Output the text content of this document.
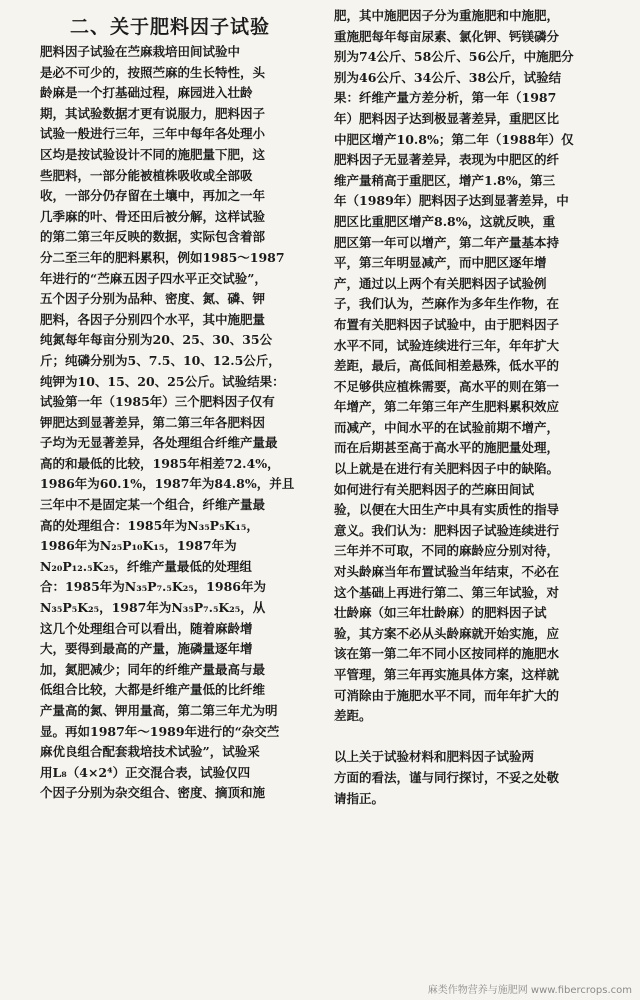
二、关于肥料因子试验
肥料因子试验在苎麻栽培田间试验中
是必不可少的，按照苎麻的生长特性，头
龄麻是一个打基础过程，麻园进入壮龄
期，其试验数据才更有说服力，肥料因子
试验一般进行三年，三年中每年各处理小
区均是按试验设计不同的施肥量下肥，这
些肥料，一部分能被植株吸收或全部吸
收，一部分仍存留在土壤中，再加之一年
几季麻的叶、骨还田后被分解，这样试验
的第二第三年反映的数据，实际包含着部
分二至三年的肥料累积，例如1985～1987
年进行的“苎麻五因子四水平正交试验”，
五个因子分别为品种、密度、氮、磷、钾
肥料，各因子分别四个水平，其中施肥量
纯氮每年每亩分别为20、25、30、35公
斤；纯磷分别为5、7.5、10、12.5公斤，
纯钾为10、15、20、25公斤。试验结果：
试验第一年（1985年）三个肥料因子仅有
钾肥达到显著差异，第二第三年各肥料因
子均为无显著差异，各处理组合纤维产量最
高的和最低的比较，1985年相差72.4%，
1986年为60.1%，1987年为84.8%，并且
三年中不是固定某一个组合，纤维产量最
高的处理组合：1985年为N₃₅P₅K₁₅，
1986年为N₂₅P₁₀K₁₅，1987年为
N₂₀P₁₂.₅K₂₅，纤维产量最低的处理组
合：1985年为N₃₅P₇.₅K₂₅，1986年为
N₃₅P₅K₂₅，1987年为N₃₅P₇.₅K₂₅，从
这几个处理组合可以看出，随着麻龄增
大，要得到最高的产量，施磷量逐年增
加，氮肥减少；同年的纤维产量最高与最
低组合比较，大都是纤维产量低的比纤维
产量高的氮、钾用量高，第二第三年尤为明
显。再如1987年～1989年进行的“杂交苎
麻优良组合配套栽培技术试验”，试验采
用L₈（4×2⁴）正交混合表，试验仅四
个因子分别为杂交组合、密度、摘顶和施
肥，其中施肥因子分为重施肥和中施肥，
重施肥每年每亩尿素、氯化钾、钙镁磷分
别为74公斤、58公斤、56公斤，中施肥分
别为46公斤、34公斤、38公斤，试验结
果：纤维产量方差分析，第一年（1987
年）肥料因子达到极显著差异，重肥区比
中肥区增产10.8%；第二年（1988年）仅
肥料因子无显著差异，表现为中肥区的纤
维产量稍高于重肥区，增产1.8%，第三
年（1989年）肥料因子达到显著差异，中
肥区比重肥区增产8.8%，这就反映，重
肥区第一年可以增产，第二年产量基本持
平，第三年明显减产，而中肥区逐年增
产，通过以上两个有关肥料因子试验例
子，我们认为，苎麻作为多年生作物，在
布置有关肥料因子试验中，由于肥料因子
水平不同，试验连续进行三年，年年扩大
差距，最后，高低间相差悬殊，低水平的
不足够供应植株需要，高水平的则在第一
年增产，第二年第三年产生肥料累积效应
而减产，中间水平的在试验前期不增产，
而在后期甚至高于高水平的施肥量处理，
以上就是在进行有关肥料因子中的缺陷。
如何进行有关肥料因子的苎麻田间试
验，以便在大田生产中具有实质性的指导
意义。我们认为：肥料因子试验连续进行
三年并不可取，不同的麻龄应分别对待，
对头龄麻当年布置试验当年结束，不必在
这个基础上再进行第二、第三年试验，对
壮龄麻（如三年壮龄麻）的肥料因子试
验，其方案不必从头龄麻就开始实施，应
该在第一第二年不同小区按同样的施肥水
平管理，第三年再实施具体方案，这样就
可消除由于施肥水平不同，而年年扩大的
差距。

以上关于试验材料和肥料因子试验两
方面的看法，谨与同行探讨，不妥之处敬
请指正。
麻类作物营养与施肥网 www.fibercrops.com
